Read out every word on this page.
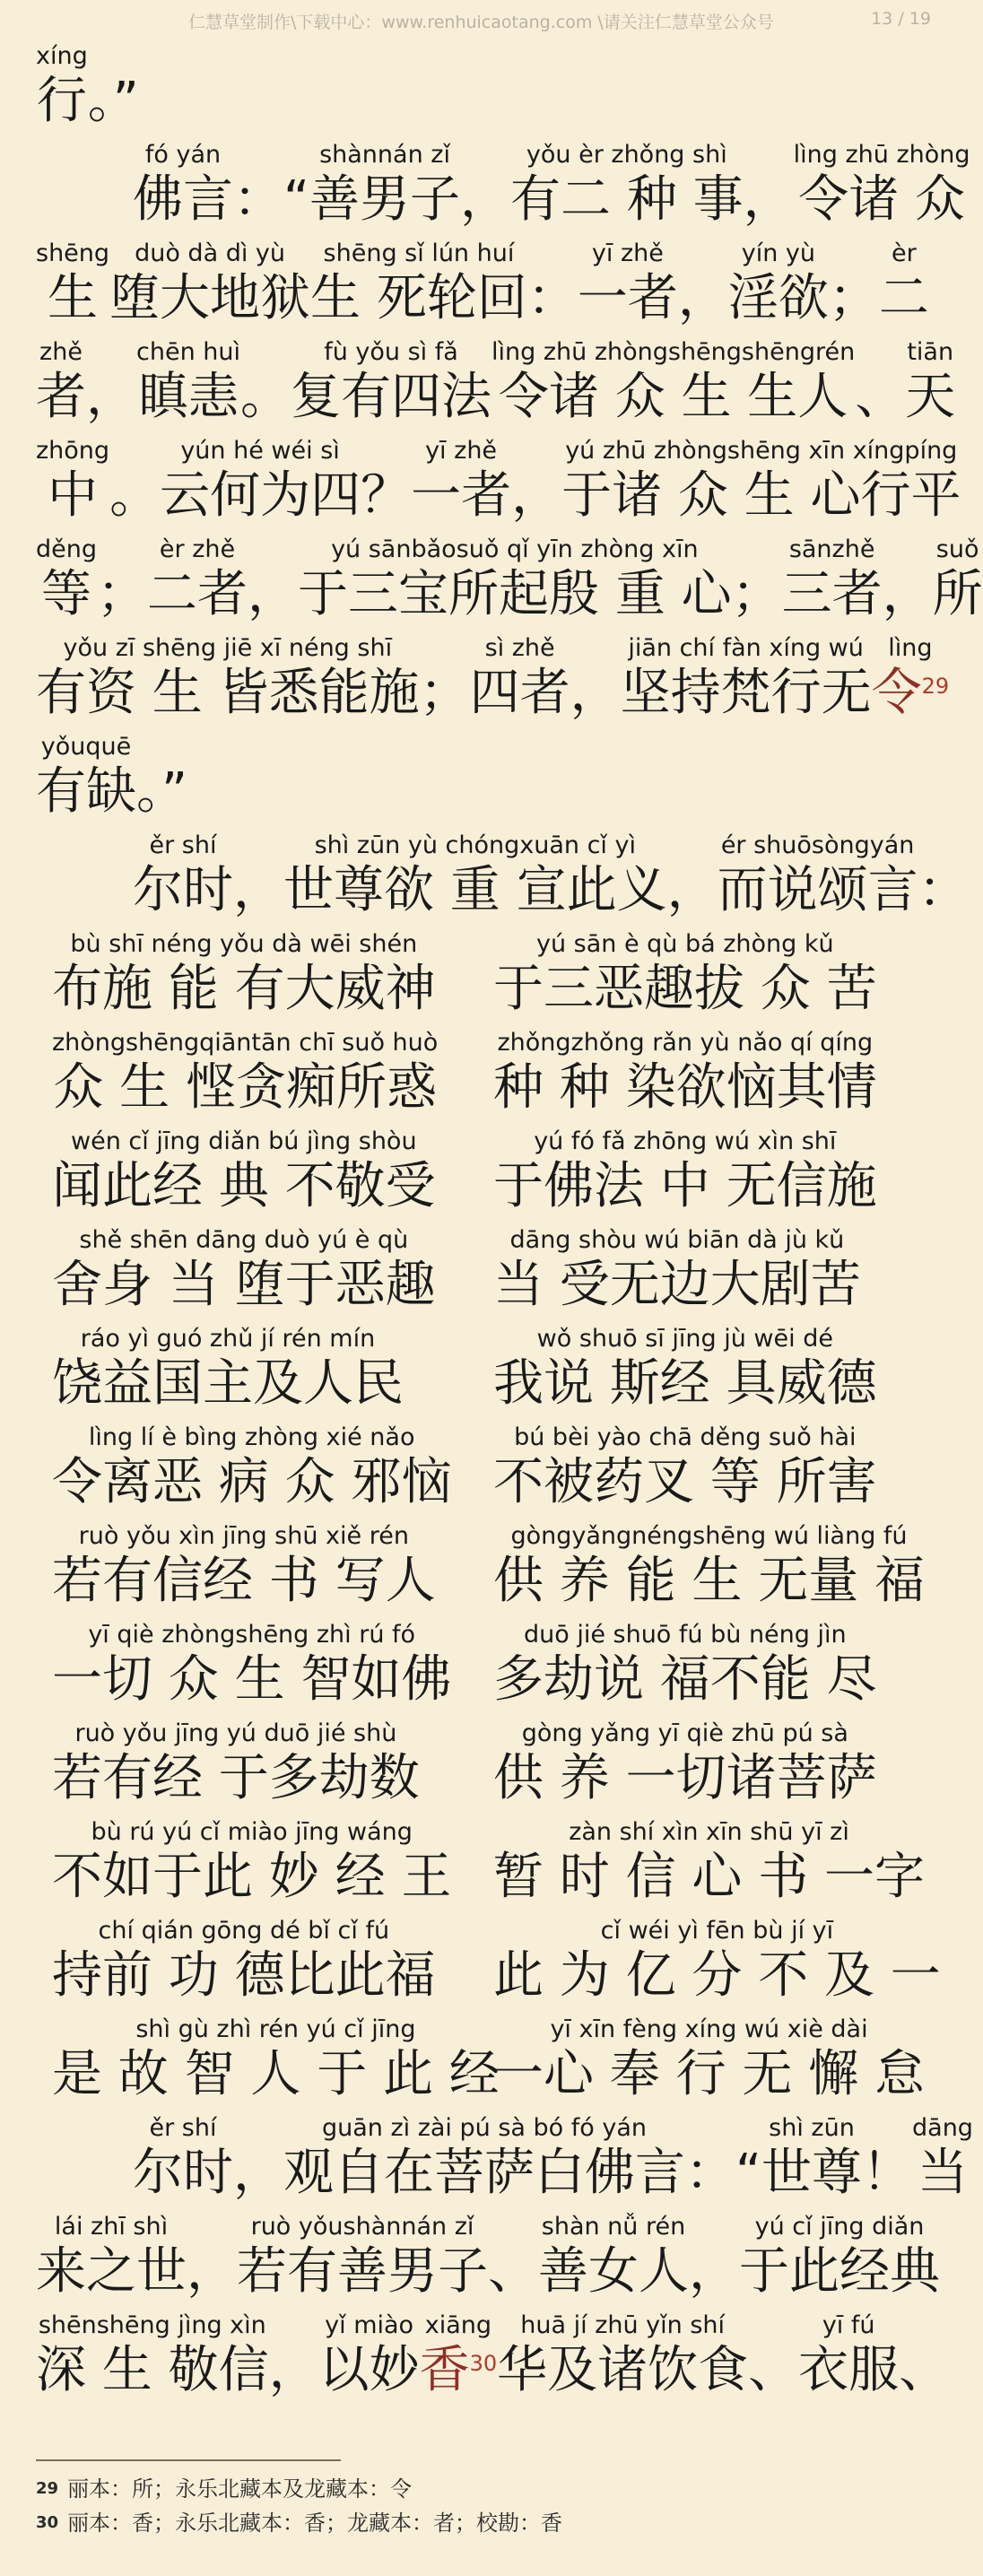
仁慧草堂制作\下载中心：www.renhuicaotang.com \请关注仁慧草堂公众号	13 / 19
xíng
行
。”
fó yán
佛言
：“
shànnán zǐ
善男子
，
yǒu èr zhǒng shì
有二 种 事
，
lìng zhū zhòng
令诸 众
shēng
生
duò dà dì yù
堕大地狱
shēng sǐ lún huí
生 死轮回
：
yī zhě
一者
，
yín yù
淫欲
；
èr
二
zhě
者
，
chēn huì
瞋恚
。
fù yǒu sì fǎ
复有四法
lìng zhū zhòngshēngshēngrén
令诸 众 生 生人
、
tiān
天
zhōng
中
。
yún hé wéi sì
云何为四
？
yī zhě
一者
，
yú zhū zhòngshēng xīn xíngpíng
于诸 众 生 心行平
děng
等
；
èr zhě
二者
，
yú sānbǎosuǒ qǐ yīn zhòng xīn
于三宝所起殷 重 心
；
sānzhě
三者
，
suǒ
所
yǒu zī shēng jiē xī néng shī
有资 生 皆悉能施
；
sì zhě
四者
，
jiān chí fàn xíng wú
坚持梵行无
lìng
令$^{29}$
yǒuquē
有缺
。”
ěr shí
尔时
，
shì zūn yù chóngxuān cǐ yì
世尊欲 重 宣此义
，
ér shuōsòngyán
而说颂言
：
bù shī néng yǒu dà wēi shén
布施 能 有大威神
yú sān è qù bá zhòng kǔ
于三恶趣拔 众 苦
zhòngshēngqiāntān chī suǒ huò
众 生 悭贪痴所惑
zhǒngzhǒng rǎn yù nǎo qí qíng
种 种 染欲恼其情
wén cǐ jīng diǎn bú jìng shòu
闻此经 典 不敬受
yú fó fǎ zhōng wú xìn shī
于佛法 中 无信施
shě shēn dāng duò yú è qù
舍身 当 堕于恶趣
dāng shòu wú biān dà jù kǔ
当 受无边大剧苦
ráo yì guó zhǔ jí rén mín
饶益国主及人民
wǒ shuō sī jīng jù wēi dé
我说 斯经 具威德
lìng lí è bìng zhòng xié nǎo
令离恶 病 众 邪恼
bú bèi yào chā děng suǒ hài
不被药叉 等 所害
ruò yǒu xìn jīng shū xiě rén
若有信经 书 写人
gòngyǎngnéngshēng wú liàng fú
供 养 能 生 无量 福
yī qiè zhòngshēng zhì rú fó
一切 众 生 智如佛
duō jié shuō fú bù néng jìn
多劫说 福不能 尽
ruò yǒu jīng yú duō jié shù
若有经 于多劫数
gòng yǎng yī qiè zhū pú sà
供 养 一切诸菩萨
bù rú yú cǐ miào jīng wáng
不如于此 妙 经 王
zàn shí xìn xīn shū yī zì
暂 时 信 心 书 一字
chí qián gōng dé bǐ cǐ fú
持前 功 德比此福
cǐ wéi yì fēn bù jí yī
此 为 亿 分 不 及 一
shì gù zhì rén yú cǐ jīng
是 故 智 人 于 此 经
yī xīn fèng xíng wú xiè dài
一心 奉 行 无 懈 怠
ěr shí
尔时
，
guān zì zài pú sà bó fó yán
观自在菩萨白佛言
：“
shì zūn
世尊
！
dāng
当
lái zhī shì
来之世
，
ruò yǒushànnán zǐ
若有善男子
、
shàn nǚ rén
善女人
，
yú cǐ jīng diǎn
于此经典
shēnshēng jìng xìn
深 生 敬信
，
yǐ miào
以妙
xiāng
香$^{30}$
huā jí zhū yǐn shí
华及诸饮食
、
yī fú
衣服
、
$^{29}$ 丽本：所；永乐北藏本及龙藏本：令
$^{30}$ 丽本：香；永乐北藏本：香；龙藏本：者；校勘：香
